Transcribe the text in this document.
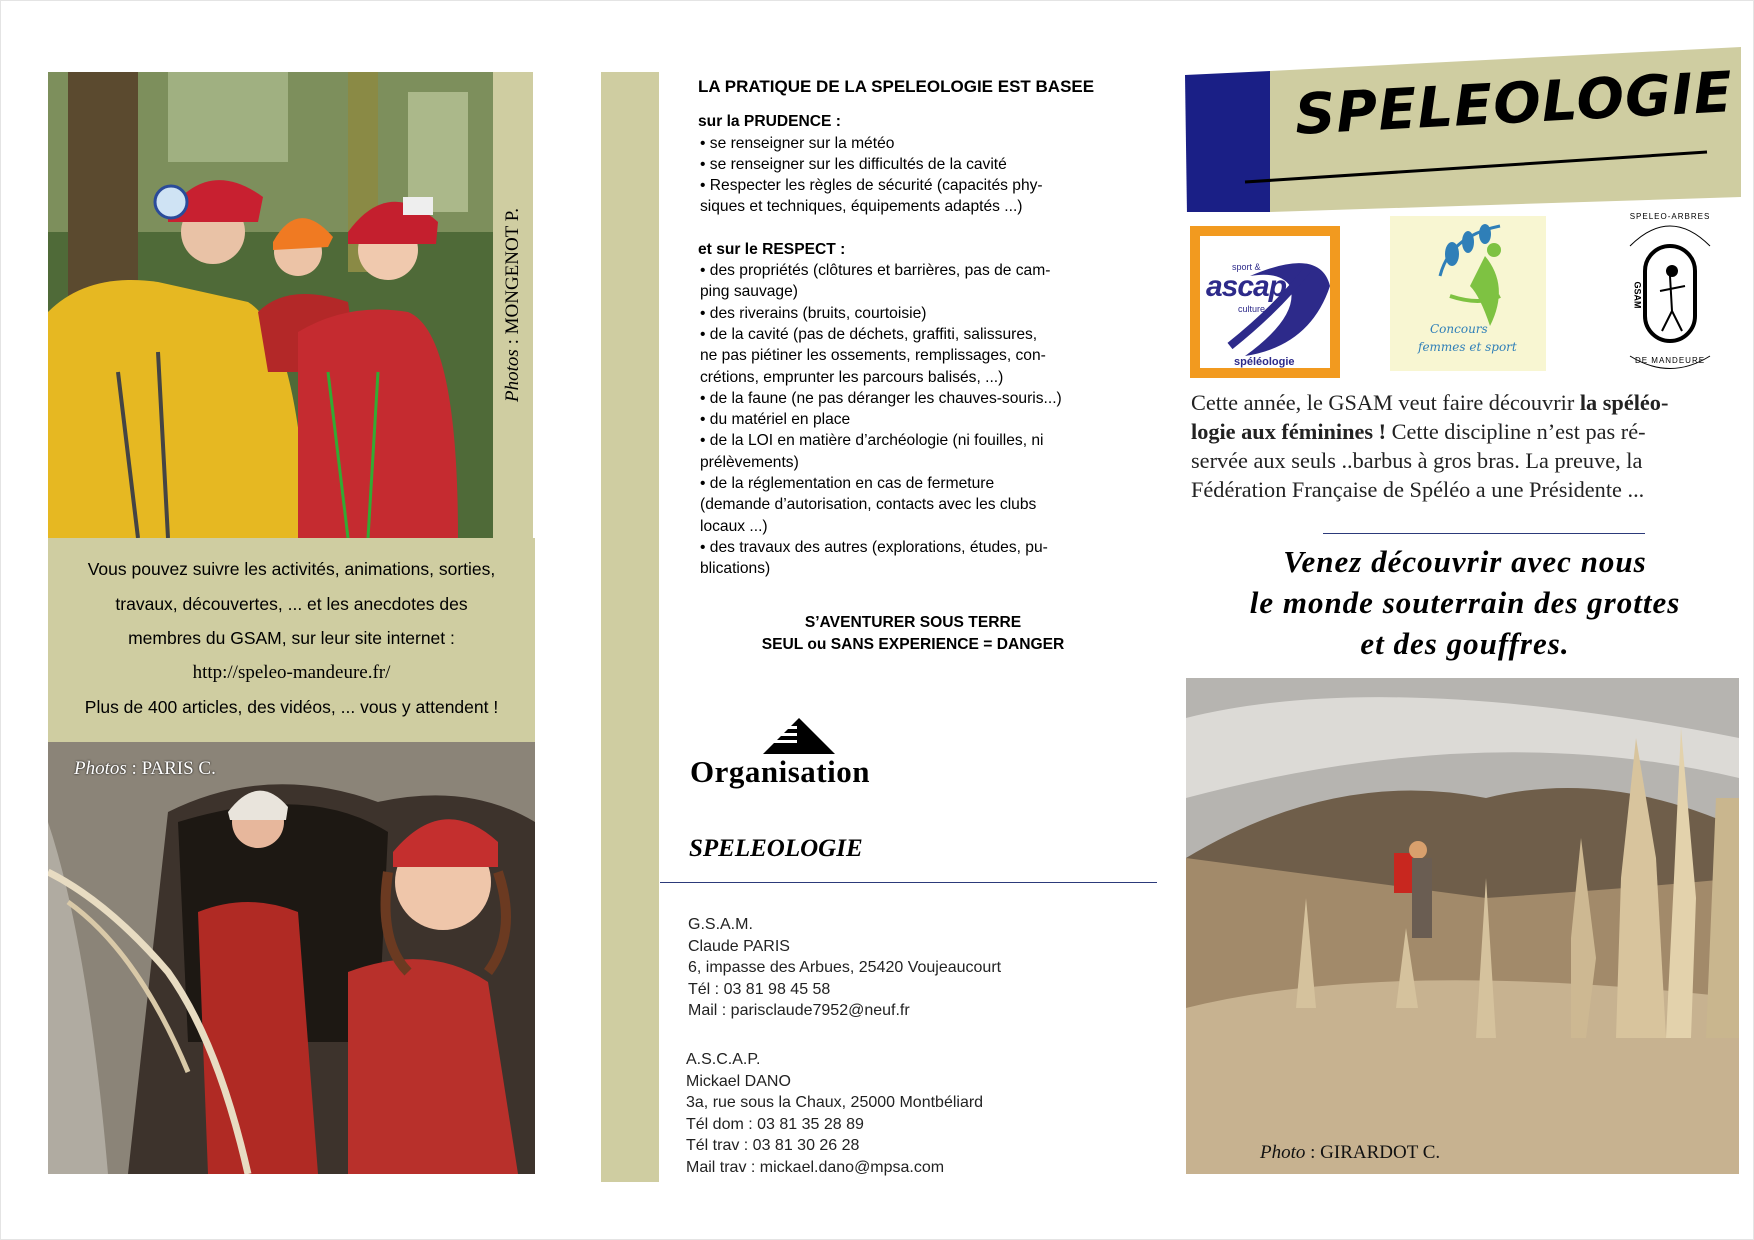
Photos : MONGENOT P.
Vous pouvez suivre les activités, animations, sorties,
travaux, découvertes, ... et les anecdotes des
membres du GSAM, sur leur site internet :
http://speleo-mandeure.fr/
Plus de 400 articles, des vidéos, ... vous y attendent !
Photos : PARIS C.
LA PRATIQUE DE LA SPELEOLOGIE EST BASEE
sur la PRUDENCE :
• se renseigner sur la météo
• se renseigner sur les difficultés de la cavité
• Respecter les règles de sécurité (capacités phy-
siques et techniques, équipements adaptés ...)
et sur le RESPECT :
• des propriétés (clôtures et barrières, pas de cam-
ping sauvage)
• des riverains (bruits, courtoisie)
• de la cavité (pas de déchets, graffiti, salissures,
ne pas piétiner les ossements, remplissages, con-
crétions, emprunter les parcours balisés, ...)
• de la faune (ne pas déranger les chauves-souris...)
• du matériel en place
• de la LOI en matière d’archéologie (ni fouilles, ni
prélèvements)
• de la réglementation en cas de fermeture
(demande d’autorisation, contacts avec les clubs
locaux ...)
• des travaux des autres (explorations, études, pu-
blications)
S’AVENTURER SOUS TERRE
SEUL ou SANS EXPERIENCE = DANGER
Organisation
SPELEOLOGIE
G.S.A.M.
Claude PARIS
6, impasse des Arbues, 25420 Voujeaucourt
Tél : 03 81 98 45 58
Mail : parisclaude7952@neuf.fr
A.S.C.A.P.
Mickael DANO
3a, rue sous la Chaux, 25000 Montbéliard
Tél dom : 03 81 35 28 89
Tél trav : 03 81 30 26 28
Mail trav : mickael.dano@mpsa.com
SPELEOLOGIE
sport &
ascap
culture
spéléologie
Concours
femmes et sport
SPELEO-ARBRES
GSAM
DE MANDEURE
Cette année, le GSAM veut faire découvrir la spéléo-
logie aux féminines ! Cette discipline n’est pas ré-
servée aux seuls ..barbus à gros bras. La preuve, la
Fédération Française de Spéléo a une Présidente ...
Venez découvrir avec nous
le monde souterrain des grottes
et des gouffres.
Photo : GIRARDOT C.
